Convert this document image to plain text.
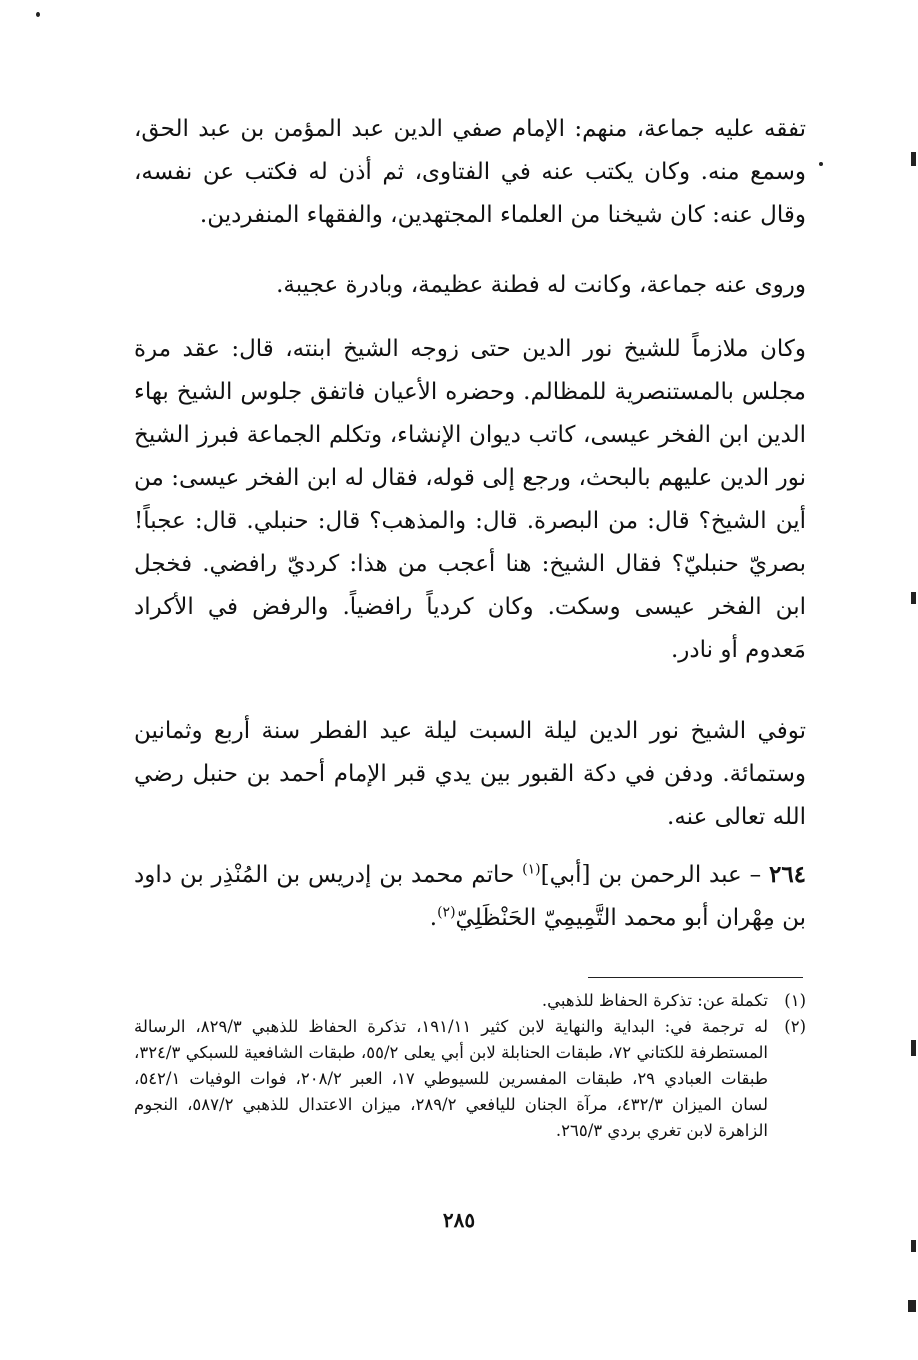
تفقه عليه جماعة، منهم: الإمام صفي الدين عبد المؤمن بن عبد الحق، وسمع منه. وكان يكتب عنه في الفتاوى، ثم أذن له فكتب عن نفسه، وقال عنه: كان شيخنا من العلماء المجتهدين، والفقهاء المنفردين.

وروى عنه جماعة، وكانت له فطنة عظيمة، وبادرة عجيبة.

وكان ملازماً للشيخ نور الدين حتى زوجه الشيخ ابنته، قال: عقد مرة مجلس بالمستنصرية للمظالم. وحضره الأعيان فاتفق جلوس الشيخ بهاء الدين ابن الفخر عيسى، كاتب ديوان الإنشاء، وتكلم الجماعة فبرز الشيخ نور الدين عليهم بالبحث، ورجع إلى قوله، فقال له ابن الفخر عيسى: من أين الشيخ؟ قال: من البصرة. قال: والمذهب؟ قال: حنبلي. قال: عجباً! بصريّ حنبليّ؟ فقال الشيخ: هنا أعجب من هذا: كرديّ رافضي. فخجل ابن الفخر عيسى وسكت. وكان كردياً رافضياً. والرفض في الأكراد مَعدوم أو نادر.

توفي الشيخ نور الدين ليلة السبت ليلة عيد الفطر سنة أربع وثمانين وستمائة. ودفن في دكة القبور بين يدي قبر الإمام أحمد بن حنبل رضي الله تعالى عنه.

٢٦٤ – عبد الرحمن بن [أبي]$^{(١)}$ حاتم محمد بن إدريس بن المُنْذِر بن داود بن مِهْران أبو محمد التَّمِيمِيّ الحَنْظَلِيّ$^{(٢)}$.

(١)
تكملة عن: تذكرة الحفاظ للذهبي.
(٢)
له ترجمة في: البداية والنهاية لابن كثير ١٩١/١١، تذكرة الحفاظ للذهبي ٨٢٩/٣، الرسالة المستطرفة للكتاني ٧٢، طبقات الحنابلة لابن أبي يعلى ٥٥/٢، طبقات الشافعية للسبكي ٣٢٤/٣، طبقات العبادي ٢٩، طبقات المفسرين للسيوطي ١٧، العبر ٢٠٨/٢، فوات الوفيات ٥٤٢/١، لسان الميزان ٤٣٢/٣، مرآة الجنان لليافعي ٢٨٩/٢، ميزان الاعتدال للذهبي ٥٨٧/٢، النجوم الزاهرة لابن تغري بردي ٢٦٥/٣.
٢٨٥
